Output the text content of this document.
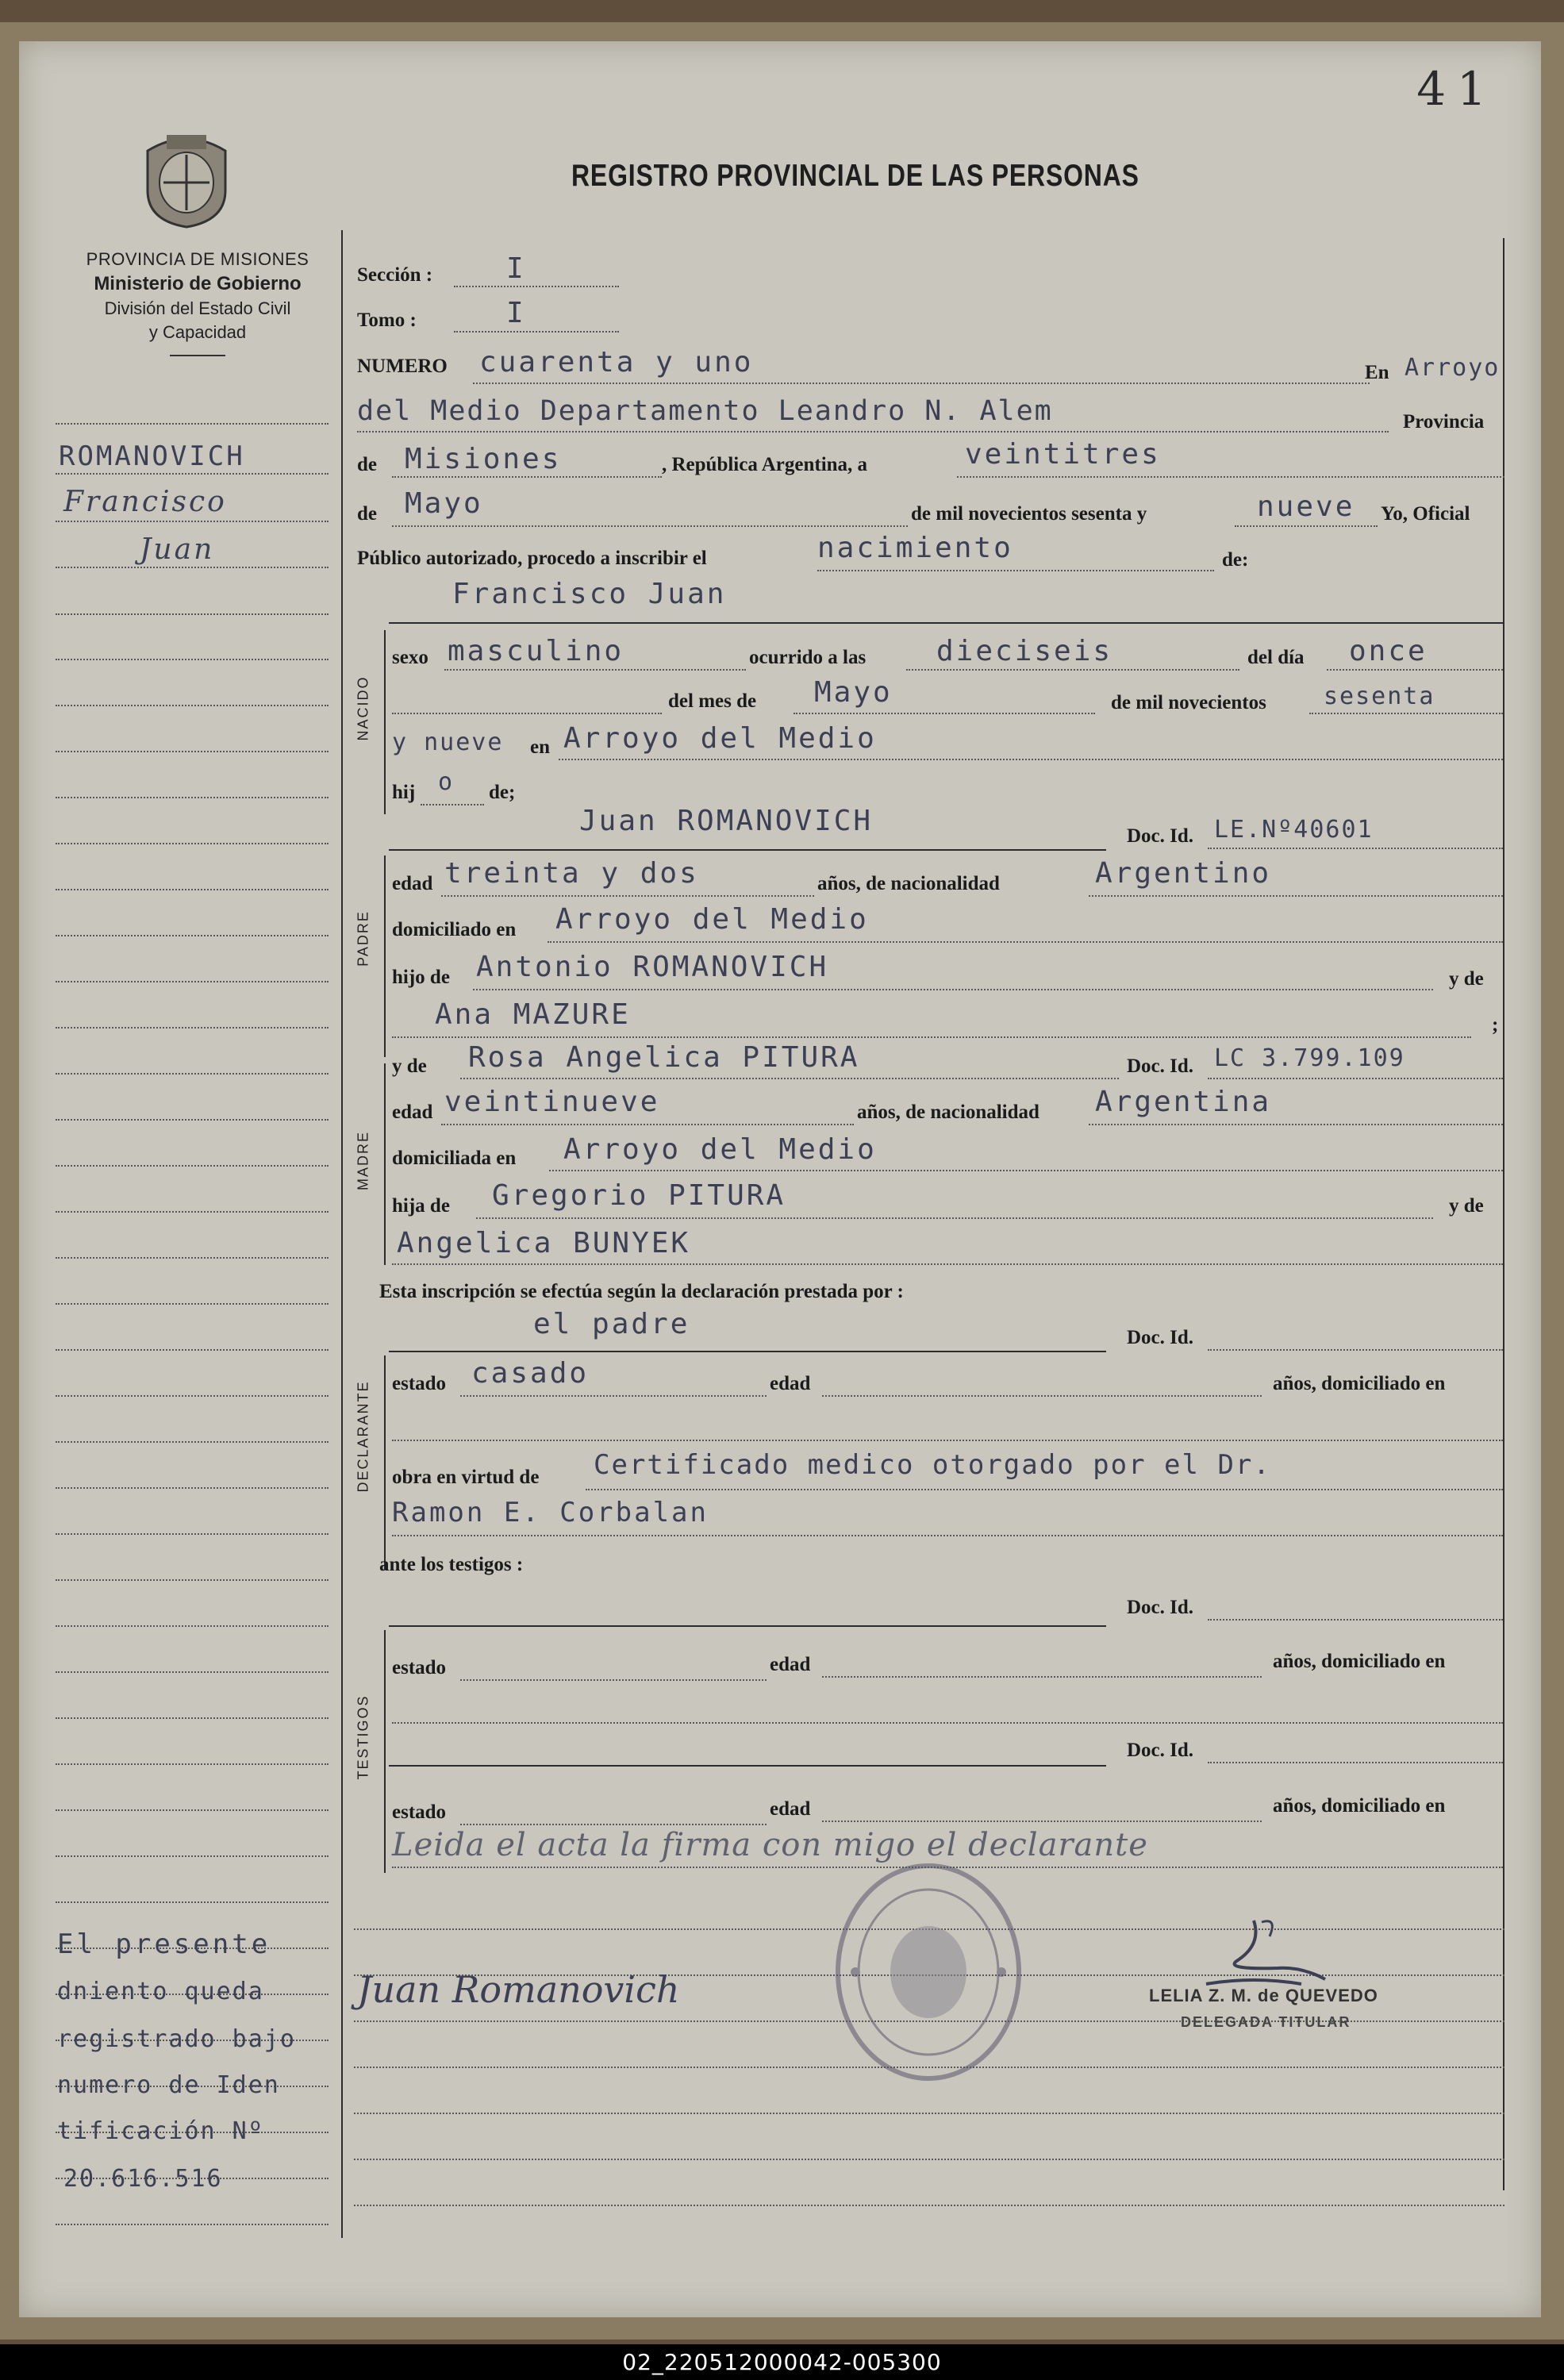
41
PROVINCIA DE MISIONES
Ministerio de Gobierno
División del Estado Civil
y Capacidad
REGISTRO PROVINCIAL DE LAS PERSONAS
ROMANOVICH
Francisco
Juan
El presente
dniento queda
registrado bajo
numero de Iden
tificación Nº
20.616.516
Sección :	I
Tomo :	I
NUMERO cuarenta y uno	En Arroyo
del Medio Departamento Leandro N. Alem	Provincia
de Misiones	, República Argentina, a	veintitres
de Mayo	de mil novecientos sesenta y	nueve Yo, Oficial
Público autorizado, procedo a inscribir el	nacimiento	de:
Francisco Juan
NACIDO
sexo masculino	ocurrido a las dieciseis	del día once
del mes de Mayo	de mil novecientos sesenta
y nueve en Arroyo del Medio
hij o de;
Juan ROMANOVICH	Doc. Id. LE.Nº40601
PADRE
edad treinta y dos	años, de nacionalidad	Argentino
domiciliado en Arroyo del Medio
hijo de Antonio ROMANOVICH	y de
Ana MAZURE	;
y de Rosa Angelica PITURA	Doc. Id. LC 3.799.109
MADRE
edad veintinueve	años, de nacionalidad Argentina
domiciliada en Arroyo del Medio
hija de Gregorio PITURA	y de
Angelica BUNYEK
Esta inscripción se efectúa según la declaración prestada por :
el padre	Doc. Id.
DECLARANTE estado casado	edad	años, domiciliado en
obra en virtud de Certificado medico otorgado por el Dr.
Ramon E. Corbalan
ante los testigos :
Doc. Id.
TESTIGOS
estado	edad	años, domiciliado en
Doc. Id.
estado	edad	años, domiciliado en
Leida el acta la firma con migo el declarante
Juan Romanovich	LELIA Z. M. de QUEVEDO
DELEGADA TITULAR
02_220512000042-005300
